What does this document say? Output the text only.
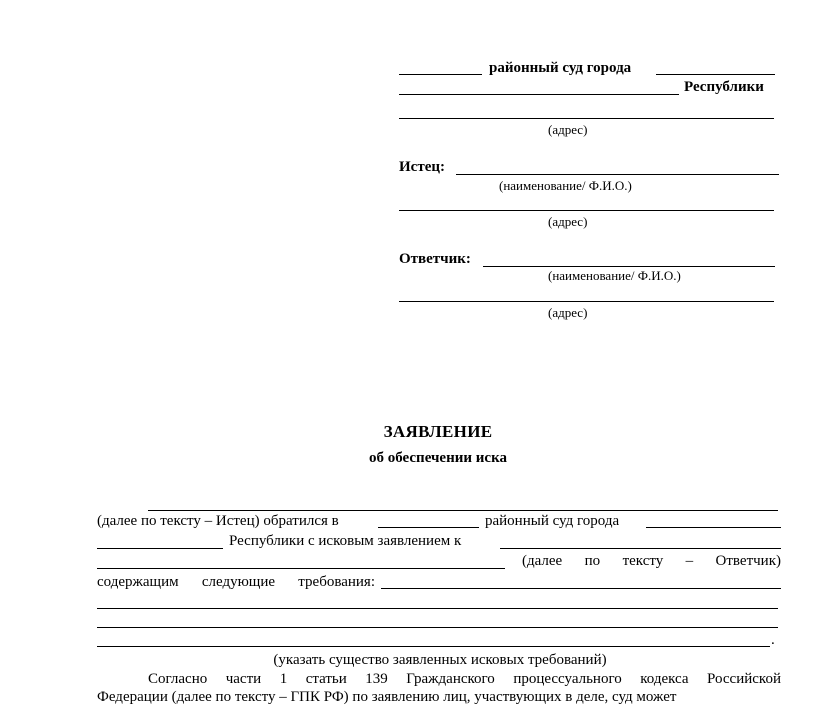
районный суд города
Республики
(адрес)
Истец:
(наименование/ Ф.И.О.)
(адрес)
Ответчик:
(наименование/ Ф.И.О.)
(адрес)
ЗАЯВЛЕНИЕ
об обеспечении иска
(далее по тексту – Истец) обратился в	районный суд города
Республики с исковым заявлением к
(далее по тексту – Ответчик)
содержащим следующие требования:
.
(указать существо заявленных исковых требований)
Согласно части 1 статьи 139 Гражданского процессуального кодекса Российской
Федерации (далее по тексту – ГПК РФ) по заявлению лиц, участвующих в деле, суд может
